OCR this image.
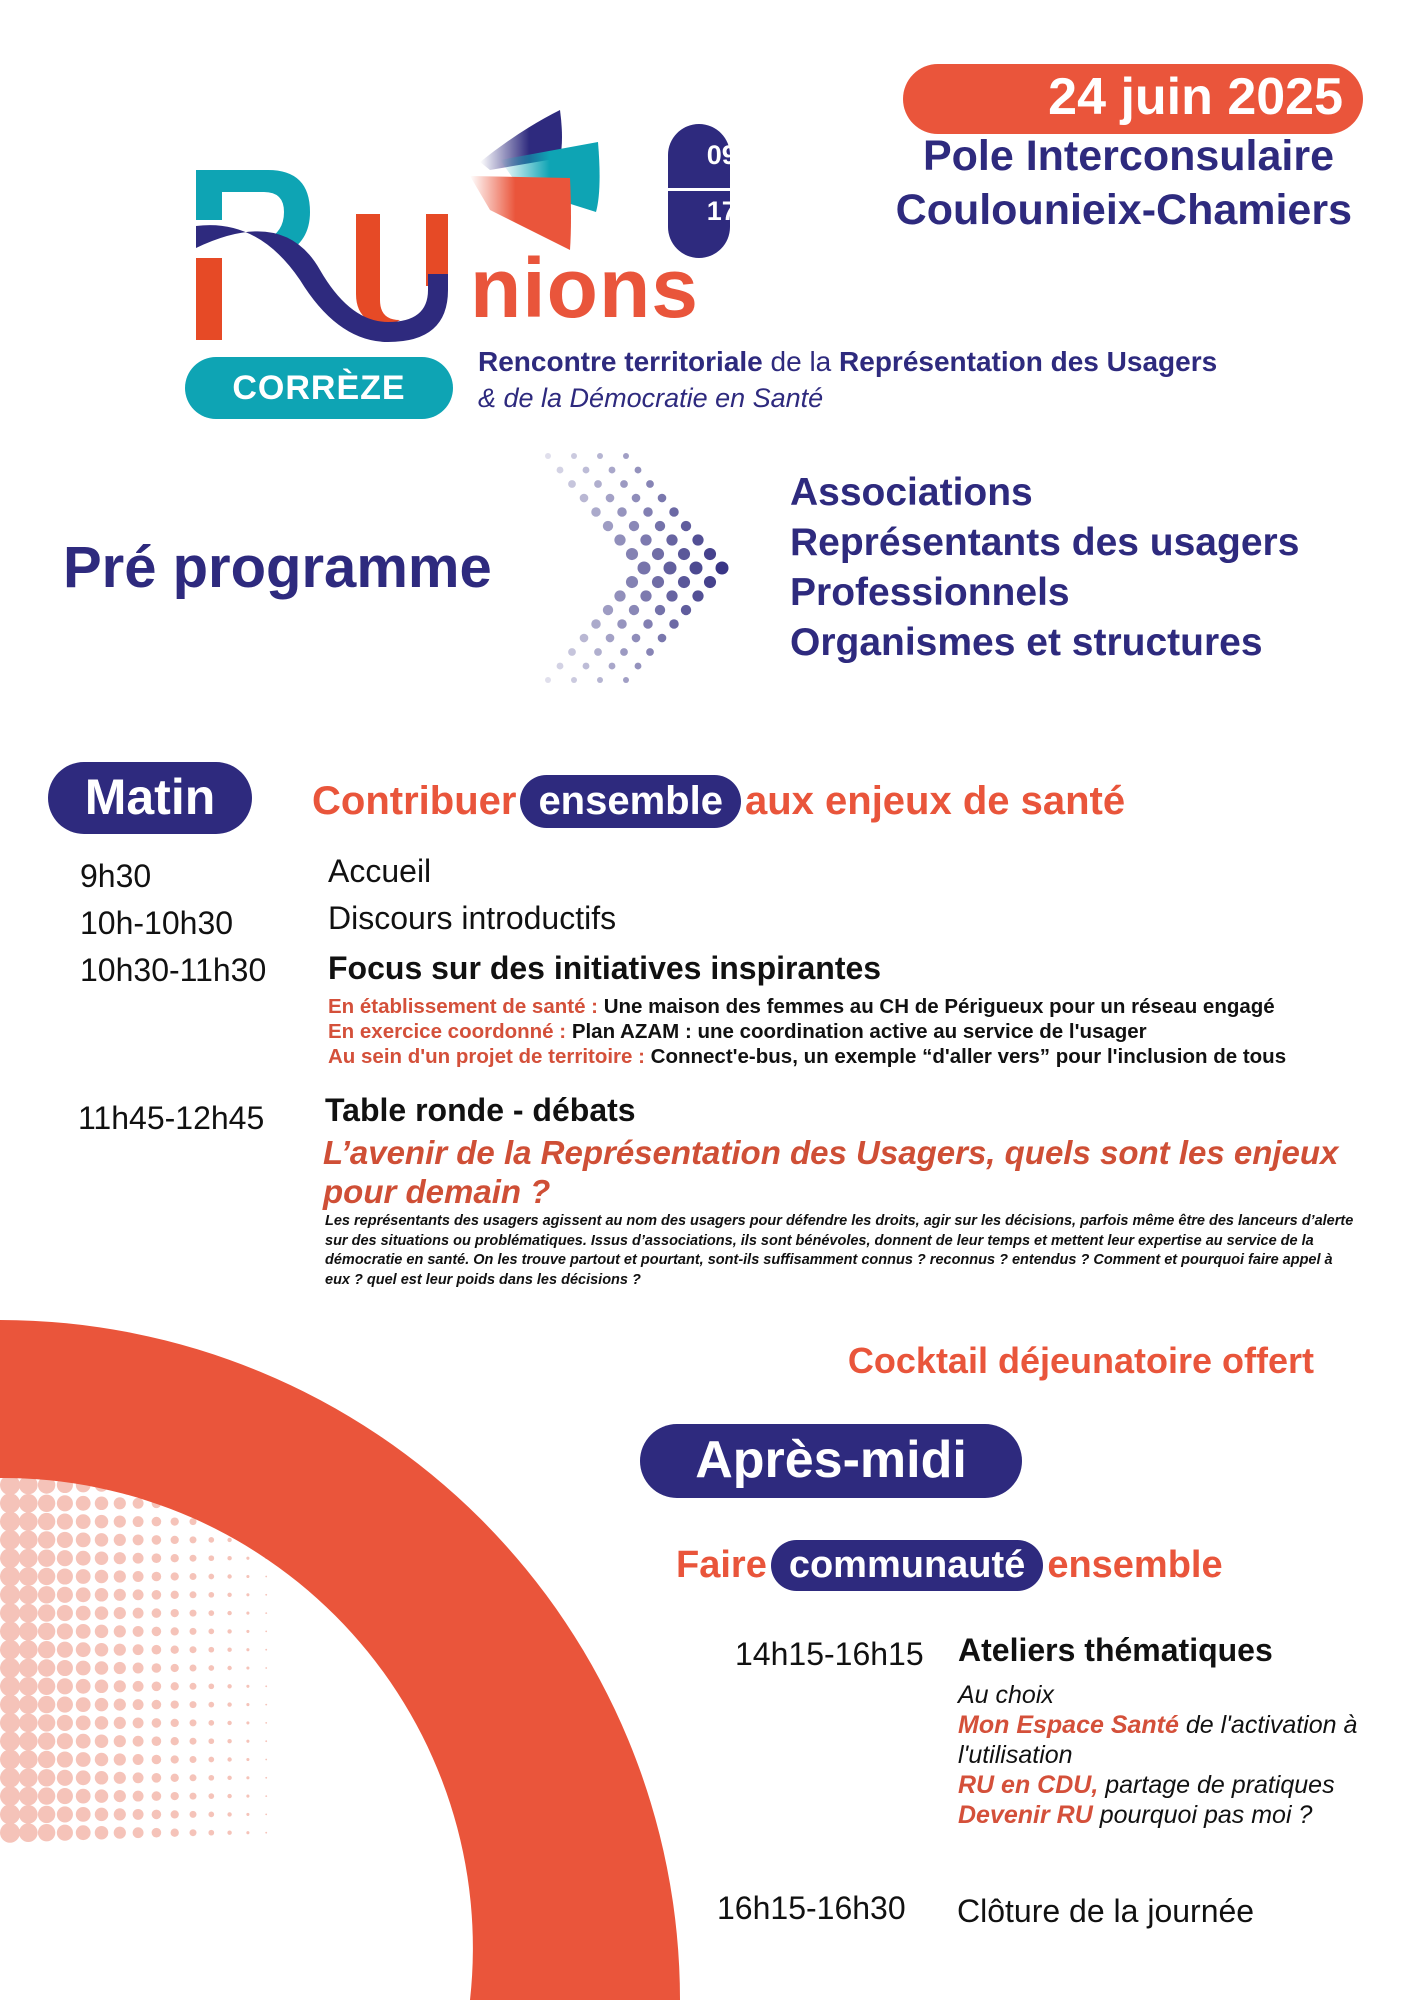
24 juin 2025
Pole Interconsulaire
Coulounieix-Chamiers
09h
17h
nions
CORRÈZE
Rencontre territoriale de la Représentation des Usagers
& de la Démocratie en Santé
Pré programme
Associations
Représentants des usagers
Professionnels
Organismes et structures
Matin	Contribuer ensemble aux enjeux de santé
9h30
10h-10h30
10h30-11h30
Accueil
Discours introductifs
Focus sur des initiatives inspirantes
En établissement de santé : Une maison des femmes au CH de Périgueux pour un réseau engagé
En exercice coordonné : Plan AZAM : une coordination active au service de l'usager
Au sein d'un projet de territoire : Connect'e-bus, un exemple “d'aller vers” pour l'inclusion de tous
11h45-12h45 Table ronde - débats
L’avenir de la Représentation des Usagers, quels sont les enjeux pour demain ?
Les représentants des usagers agissent au nom des usagers pour défendre les droits, agir sur les décisions, parfois même être des lanceurs d’alerte sur des situations ou problématiques. Issus d’associations, ils sont bénévoles, donnent de leur temps et mettent leur expertise au service de la démocratie en santé. On les trouve partout et pourtant, sont-ils suffisamment connus ? reconnus ? entendus ? Comment et pourquoi faire appel à eux ? quel est leur poids dans les décisions ?
Cocktail déjeunatoire offert
Après-midi
Faire communauté ensemble
14h15-16h15 Ateliers thématiques
Au choix
Mon Espace Santé de l'activation à
l'utilisation
RU en CDU, partage de pratiques
Devenir RU pourquoi pas moi ?
16h15-16h30 Clôture de la journée
